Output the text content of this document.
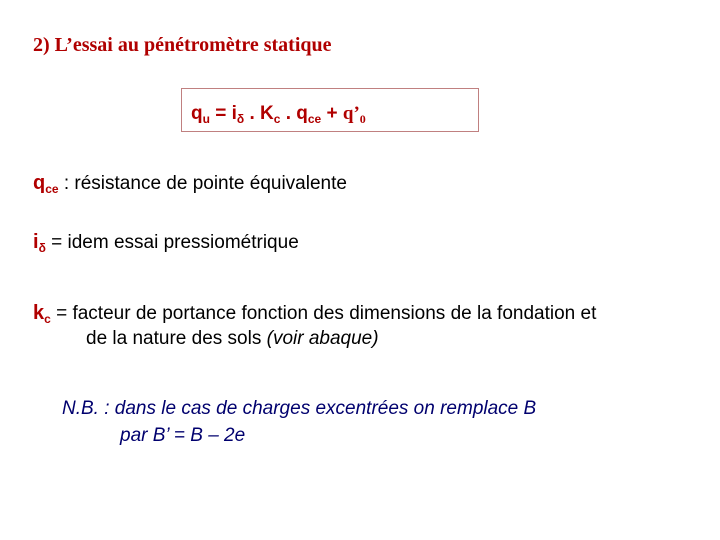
2) L’essai au pénétromètre statique
$q_u = i_\delta$ . $K_c$ . $q_{ce}$ + $q’_0$
$q_{ce}$ : résistance de pointe équivalente
$i_\delta$ = idem essai pressiométrique
$k_c$ = facteur de portance fonction des dimensions de la fondation et
de la nature des sols (voir abaque)
N.B. : dans le cas de charges excentrées on remplace B
par B’ = B – 2e
